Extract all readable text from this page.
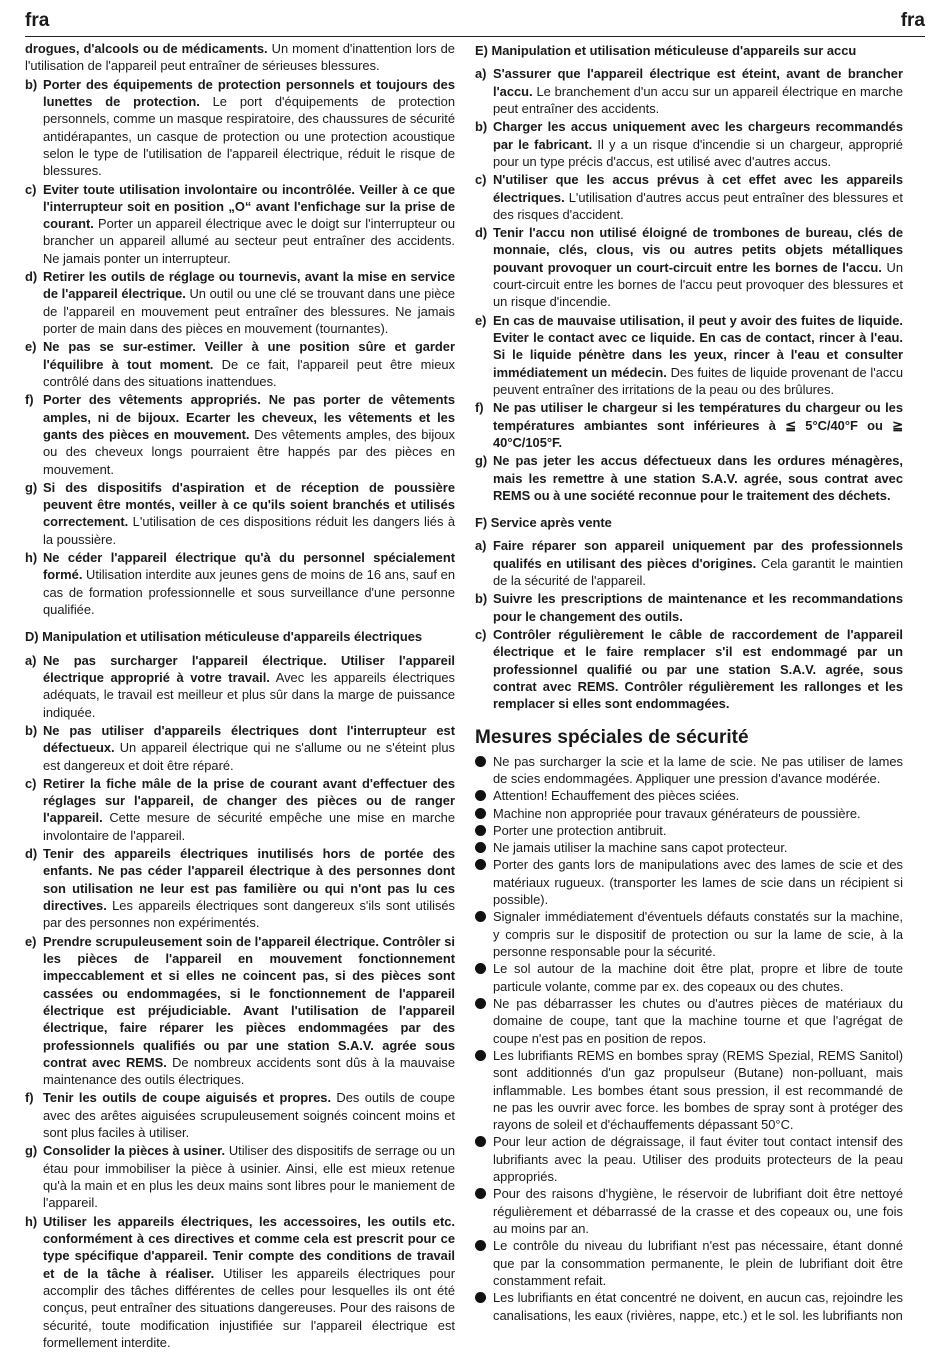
fra	fra

drogues, d'alcools ou de médicaments. Un moment d'inattention lors de l'utilisation de l'appareil peut entraîner de sérieuses blessures.

b) Porter des équipements de protection personnels et toujours des lunettes de protection. Le port d'équipements de protection personnels, comme un masque respiratoire, des chaussures de sécurité antidérapantes, un casque de protection ou une protection acoustique selon le type de l'utilisation de l'appareil électrique, réduit le risque de blessures.

c) Eviter toute utilisation involontaire ou incontrôlée. Veiller à ce que l'interrupteur soit en position „O“ avant l'enfichage sur la prise de courant. Porter un appareil électrique avec le doigt sur l'interrupteur ou brancher un appareil allumé au secteur peut entraîner des accidents. Ne jamais ponter un interrupteur.

d) Retirer les outils de réglage ou tournevis, avant la mise en service de l'appareil électrique. Un outil ou une clé se trouvant dans une pièce de l'appareil en mouvement peut entraîner des blessures. Ne jamais porter de main dans des pièces en mouvement (tournantes).

e) Ne pas se sur-estimer. Veiller à une position sûre et garder l'équilibre à tout moment. De ce fait, l'appareil peut être mieux contrôlé dans des situations inattendues.

f) Porter des vêtements appropriés. Ne pas porter de vêtements amples, ni de bijoux. Ecarter les cheveux, les vêtements et les gants des pièces en mouvement. Des vêtements amples, des bijoux ou des cheveux longs pourraient être happés par des pièces en mouvement.

g) Si des dispositifs d'aspiration et de réception de poussière peuvent être montés, veiller à ce qu'ils soient branchés et utilisés correctement. L'utilisation de ces dispositions réduit les dangers liés à la poussière.

h) Ne céder l'appareil électrique qu'à du personnel spécialement formé. Utilisation interdite aux jeunes gens de moins de 16 ans, sauf en cas de formation professionnelle et sous surveillance d'une personne qualifiée.

D) Manipulation et utilisation méticuleuse d'appareils électriques

a) Ne pas surcharger l'appareil électrique. Utiliser l'appareil électrique approprié à votre travail. Avec les appareils électriques adéquats, le travail est meilleur et plus sûr dans la marge de puissance indiquée.

b) Ne pas utiliser d'appareils électriques dont l'interrupteur est défectueux. Un appareil électrique qui ne s'allume ou ne s'éteint plus est dangereux et doit être réparé.

c) Retirer la fiche mâle de la prise de courant avant d'effectuer des réglages sur l'appareil, de changer des pièces ou de ranger l'appareil. Cette mesure de sécurité empêche une mise en marche involontaire de l'appareil.

d) Tenir des appareils électriques inutilisés hors de portée des enfants. Ne pas céder l'appareil électrique à des personnes dont son utilisation ne leur est pas familière ou qui n'ont pas lu ces directives. Les appareils électriques sont dangereux s'ils sont utilisés par des personnes non expérimentés.

e) Prendre scrupuleusement soin de l'appareil électrique. Contrôler si les pièces de l'appareil en mouvement fonctionnement impeccablement et si elles ne coincent pas, si des pièces sont cassées ou endommagées, si le fonctionnement de l'appareil électrique est préjudiciable. Avant l'utilisation de l'appareil électrique, faire réparer les pièces endommagées par des professionnels qualifiés ou par une station S.A.V. agrée sous contrat avec REMS. De nombreux accidents sont dûs à la mauvaise maintenance des outils électriques.

f) Tenir les outils de coupe aiguisés et propres. Des outils de coupe avec des arêtes aiguisées scrupuleusement soignés coincent moins et sont plus faciles à utiliser.

g) Consolider la pièces à usiner. Utiliser des dispositifs de serrage ou un étau pour immobiliser la pièce à usinier. Ainsi, elle est mieux retenue qu'à la main et en plus les deux mains sont libres pour le maniement de l'appareil.

h) Utiliser les appareils électriques, les accessoires, les outils etc. conformément à ces directives et comme cela est prescrit pour ce type spécifique d'appareil. Tenir compte des conditions de travail et de la tâche à réaliser. Utiliser les appareils électriques pour accomplir des tâches différentes de celles pour lesquelles ils ont été conçus, peut entraîner des situations dangereuses. Pour des raisons de sécurité, toute modification injustifiée sur l'appareil électrique est formellement interdite.

E) Manipulation et utilisation méticuleuse d'appareils sur accu

a) S'assurer que l'appareil électrique est éteint, avant de brancher l'accu. Le branchement d'un accu sur un appareil électrique en marche peut entraîner des accidents.

b) Charger les accus uniquement avec les chargeurs recommandés par le fabricant. Il y a un risque d'incendie si un chargeur, approprié pour un type précis d'accus, est utilisé avec d'autres accus.

c) N'utiliser que les accus prévus à cet effet avec les appareils électriques. L'utilisation d'autres accus peut entraîner des blessures et des risques d'accident.

d) Tenir l'accu non utilisé éloigné de trombones de bureau, clés de monnaie, clés, clous, vis ou autres petits objets métalliques pouvant provoquer un court-circuit entre les bornes de l'accu. Un court-circuit entre les bornes de l'accu peut provoquer des blessures et un risque d'incendie.

e) En cas de mauvaise utilisation, il peut y avoir des fuites de liquide. Eviter le contact avec ce liquide. En cas de contact, rincer à l'eau. Si le liquide pénètre dans les yeux, rincer à l'eau et consulter immédiatement un médecin. Des fuites de liquide provenant de l'accu peuvent entraîner des irritations de la peau ou des brûlures.

f) Ne pas utiliser le chargeur si les températures du chargeur ou les températures ambiantes sont inférieures à ≦ 5°C/40°F ou ≧ 40°C/105°F.

g) Ne pas jeter les accus défectueux dans les ordures ménagères, mais les remettre à une station S.A.V. agrée, sous contrat avec REMS ou à une société reconnue pour le traitement des déchets.

F) Service après vente

a) Faire réparer son appareil uniquement par des professionnels qualifés en utilisant des pièces d'origines. Cela garantit le maintien de la sécurité de l'appareil.

b) Suivre les prescriptions de maintenance et les recommandations pour le changement des outils.

c) Contrôler régulièrement le câble de raccordement de l'appareil électrique et le faire remplacer s'il est endommagé par un professionnel qualifié ou par une station S.A.V. agrée, sous contrat avec REMS. Contrôler régulièrement les rallonges et les remplacer si elles sont endommagées.

Mesures spéciales de sécurité

Ne pas surcharger la scie et la lame de scie. Ne pas utiliser de lames de scies endommagées. Appliquer une pression d'avance modérée.

Attention! Echauffement des pièces sciées.

Machine non appropriée pour travaux générateurs de poussière.

Porter une protection antibruit.

Ne jamais utiliser la machine sans capot protecteur.

Porter des gants lors de manipulations avec des lames de scie et des matériaux rugueux. (transporter les lames de scie dans un récipient si possible).

Signaler immédiatement d'éventuels défauts constatés sur la machine, y compris sur le dispositif de protection ou sur la lame de scie, à la personne responsable pour la sécurité.

Le sol autour de la machine doit être plat, propre et libre de toute particule volante, comme par ex. des copeaux ou des chutes.

Ne pas débarrasser les chutes ou d'autres pièces de matériaux du domaine de coupe, tant que la machine tourne et que l'agrégat de coupe n'est pas en position de repos.

Les lubrifiants REMS en bombes spray (REMS Spezial, REMS Sanitol) sont additionnés d'un gaz propulseur (Butane) non-polluant, mais inflammable. Les bombes étant sous pression, il est recommandé de ne pas les ouvrir avec force. les bombes de spray sont à protéger des rayons de soleil et d'échauffements dépassant 50°C.

Pour leur action de dégraissage, il faut éviter tout contact intensif des lubrifiants avec la peau. Utiliser des produits protecteurs de la peau appropriés.

Pour des raisons d'hygiène, le réservoir de lubrifiant doit être nettoyé régulièrement et débarrassé de la crasse et des copeaux ou, une fois au moins par an.

Le contrôle du niveau du lubrifiant n'est pas nécessaire, étant donné que par la consommation permanente, le plein de lubrifiant doit être constamment refait.

Les lubrifiants en état concentré ne doivent, en aucun cas, rejoindre les canalisations, les eaux (rivières, nappe, etc.) et le sol. les lubrifiants non
